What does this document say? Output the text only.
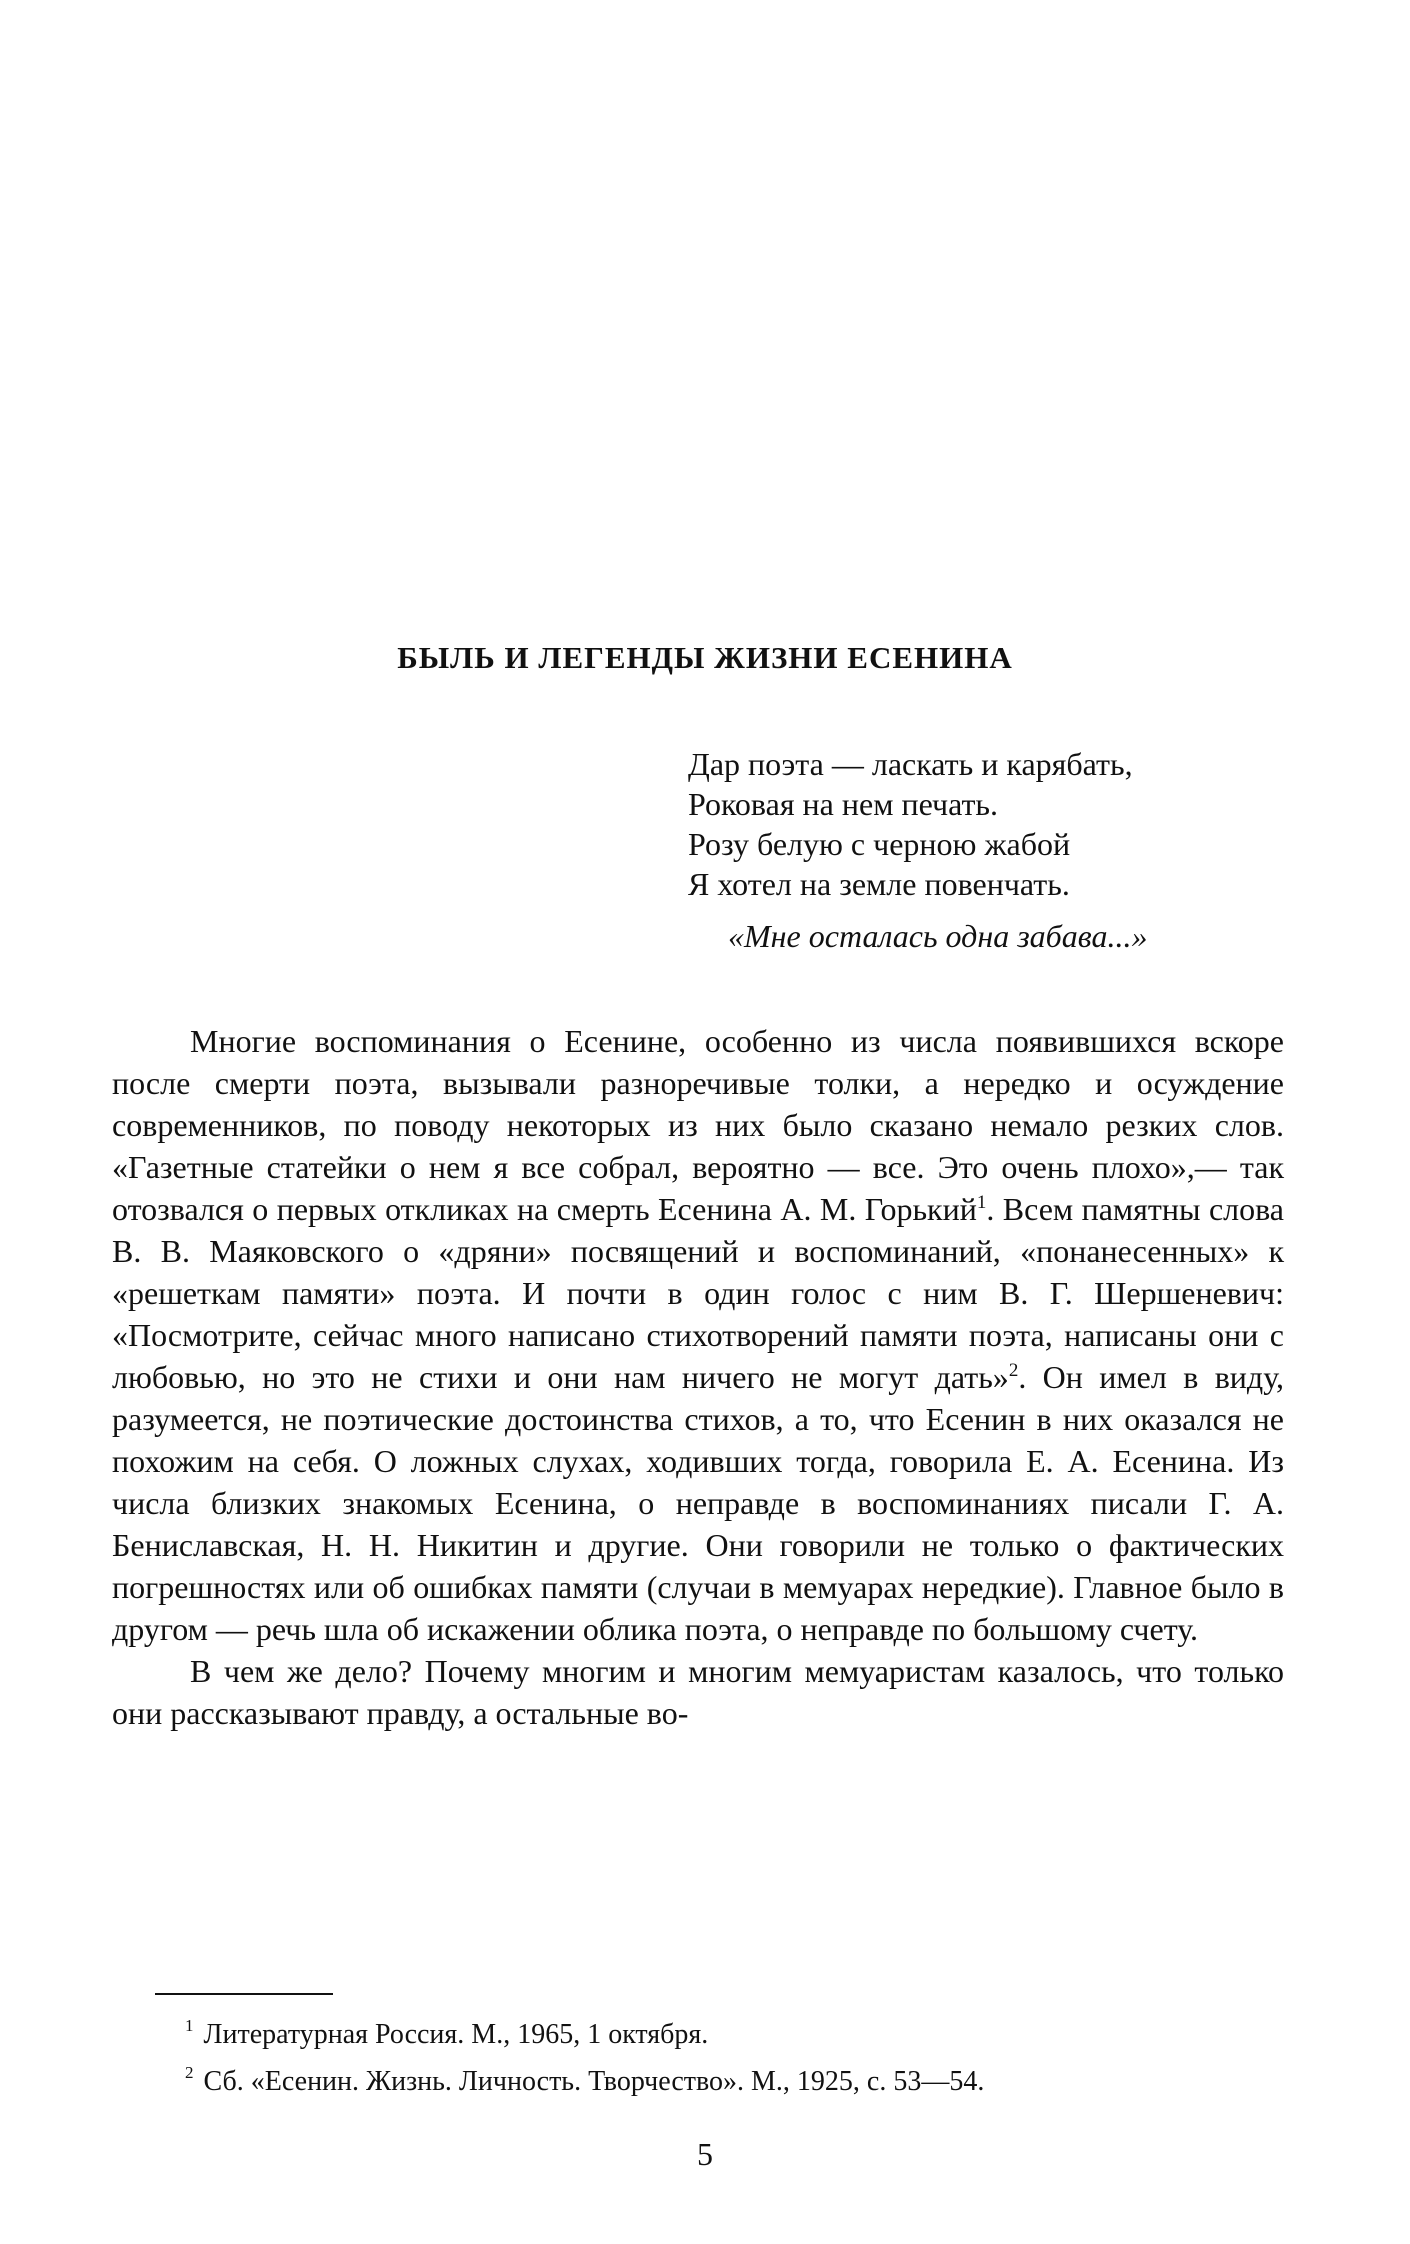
БЫЛЬ И ЛЕГЕНДЫ ЖИЗНИ ЕСЕНИНА
Дар поэта — ласкать и карябать,
Роковая на нем печать.
Розу белую с черною жабой
Я хотел на земле повенчать.
«Мне осталась одна забава...»

Многие воспоминания о Есенине, особенно из числа появившихся вскоре после смерти поэта, вызывали разноречивые толки, а нередко и осуждение современников, по поводу некоторых из них было сказано немало резких слов. «Газетные статейки о нем я все собрал, вероятно — все. Это очень плохо»,— так отозвался о первых откликах на смерть Есенина А. М. Горький$^1$. Всем памятны слова В. В. Маяковского о «дряни» посвящений и воспоминаний, «понанесенных» к «решеткам памяти» поэта. И почти в один голос с ним В. Г. Шершеневич: «Посмотрите, сейчас много написано стихотворений памяти поэта, написаны они с любовью, но это не стихи и они нам ничего не могут дать»$^2$. Он имел в виду, разумеется, не поэтические достоинства стихов, а то, что Есенин в них оказался не похожим на себя. О ложных слухах, ходивших тогда, говорила Е. А. Есенина. Из числа близких знакомых Есенина, о неправде в воспоминаниях писали Г. А. Бениславская, Н. Н. Никитин и другие. Они говорили не только о фактических погрешностях или об ошибках памяти (случаи в мемуарах нередкие). Главное было в другом — речь шла об искажении облика поэта, о неправде по большому счету.

В чем же дело? Почему многим и многим мемуаристам казалось, что только они рассказывают правду, а остальные во-

$^1$ Литературная Россия. М., 1965, 1 октября.
$^2$ Сб. «Есенин. Жизнь. Личность. Творчество». М., 1925, с. 53—54.
5
